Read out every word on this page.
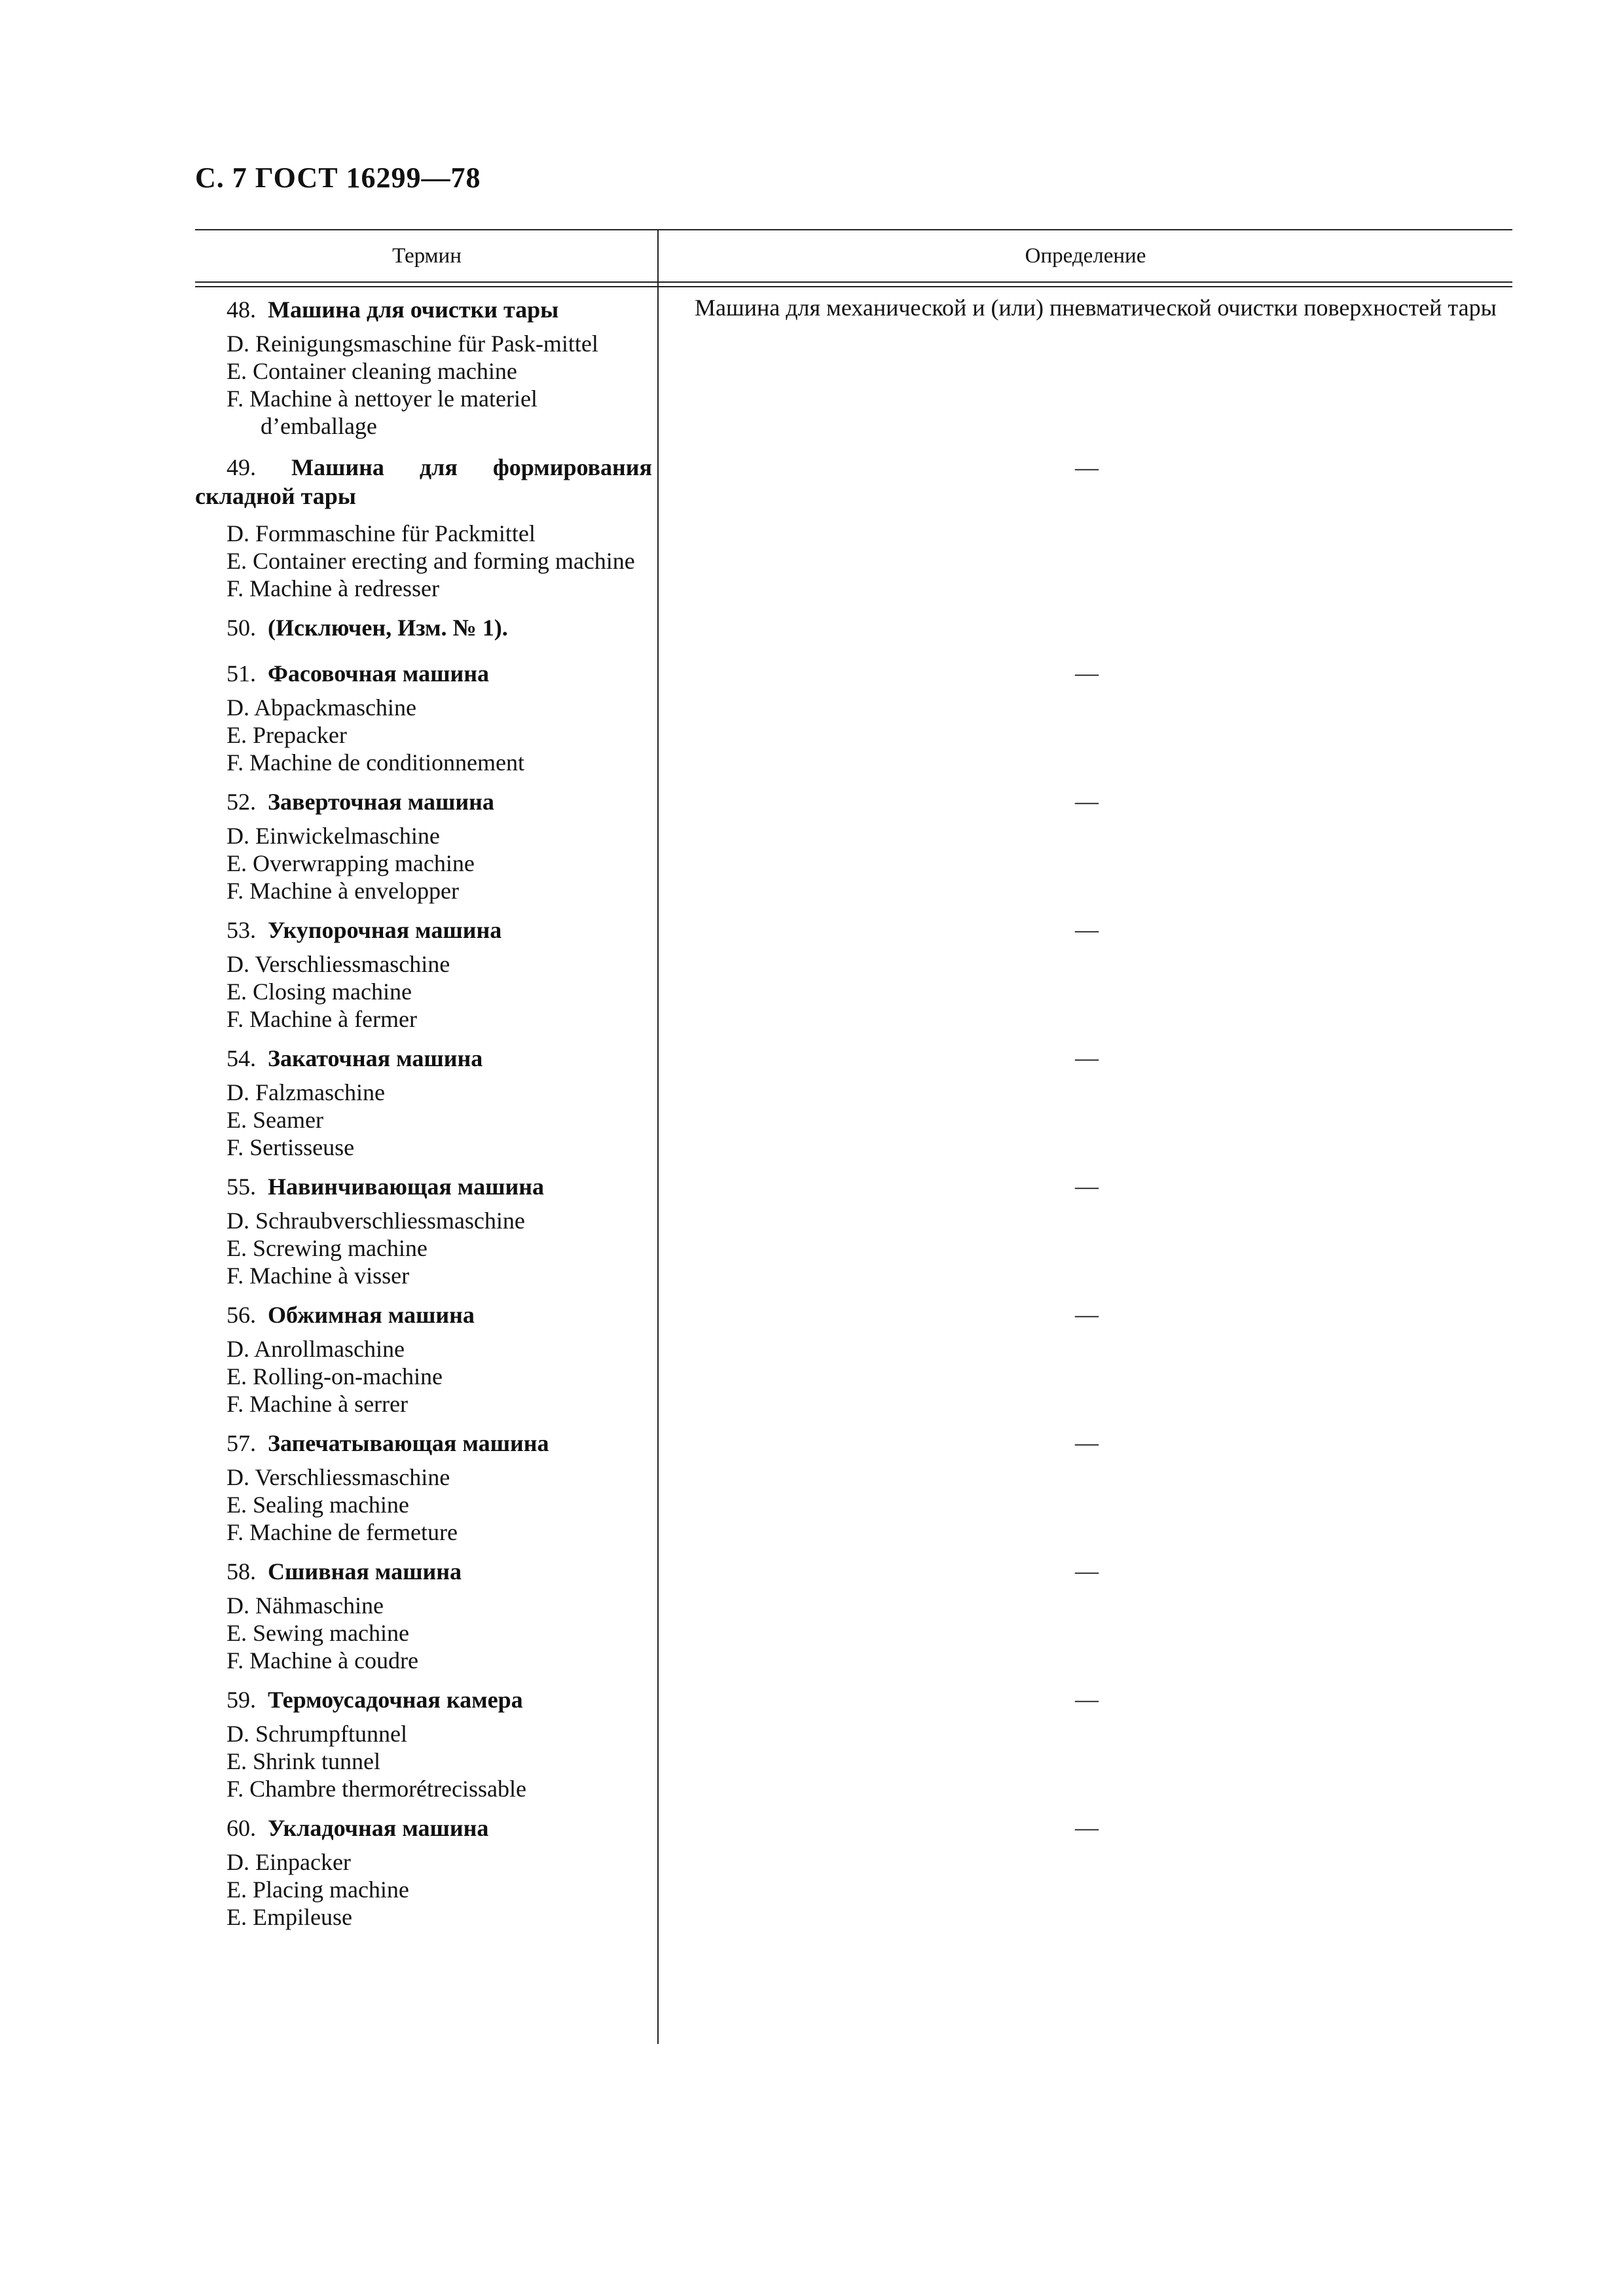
С. 7 ГОСТ 16299—78
Термин	Определение
48. Машина для очистки тары
D. Reinigungsmaschine für Pask-mittel
E. Container cleaning machine
F. Machine à nettoyer le materiel d’emballage
Машина для механической и (или) пневматической очистки поверхностей тары
49. Машина для формирования
складной тары
D. Formmaschine für Packmittel
E. Container erecting and forming machine
F. Machine à redresser
—
50. (Исключен, Изм. № 1).
51. Фасовочная машина
D. Abpackmaschine
E. Prepacker
F. Machine de conditionnement
—
52. Заверточная машина
D. Einwickelmaschine
E. Overwrapping machine
F. Machine à envelopper
—
53. Укупорочная машина
D. Verschliessmaschine
E. Closing machine
F. Machine à fermer
—
54. Закаточная машина
D. Falzmaschine
E. Seamer
F. Sertisseuse
—
55. Навинчивающая машина
D. Schraubverschliessmaschine
E. Screwing machine
F. Machine à visser
—
56. Обжимная машина
D. Anrollmaschine
E. Rolling-on-machine
F. Machine à serrer
—
57. Запечатывающая машина
D. Verschliessmaschine
E. Sealing machine
F. Machine de fermeture
—
58. Сшивная машина
D. Nähmaschine
E. Sewing machine
F. Machine à coudre
—
59. Термоусадочная камера
D. Schrumpftunnel
E. Shrink tunnel
F. Chambre thermorétrecissable
—
60. Укладочная машина
D. Einpacker
E. Placing machine
E. Empileuse
—
